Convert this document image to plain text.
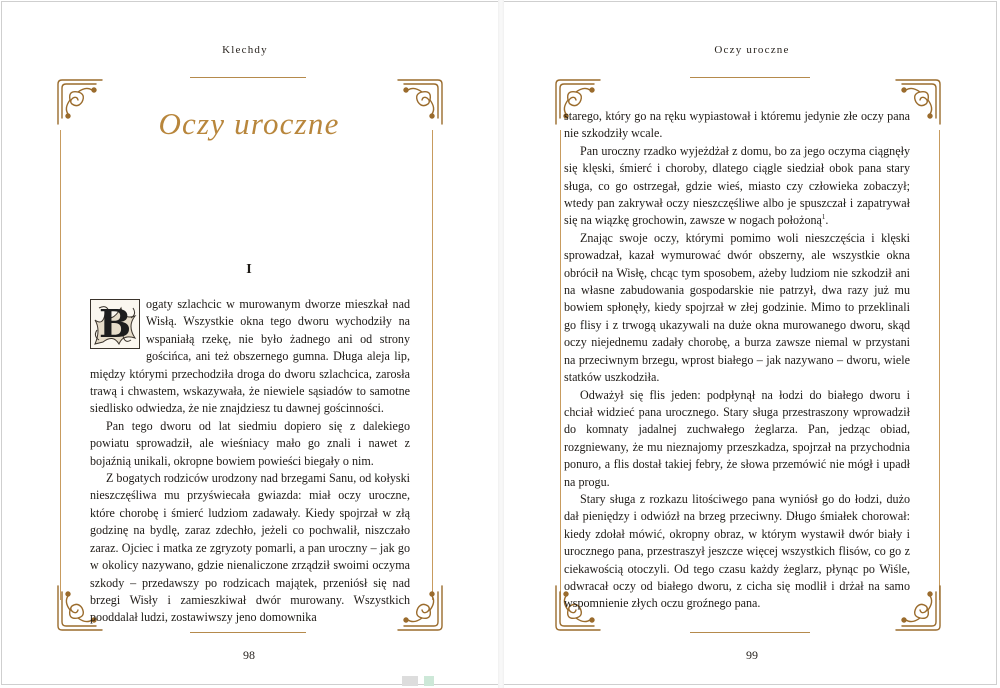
Klechdy
Oczy uroczne
I

B	ogaty szlachcic w murowanym dworze mieszkał nad Wisłą. Wszystkie okna tego dworu wychodziły na wspaniałą rzekę, nie było żadnego ani od strony gościńca, ani też obszernego gumna. Długa aleja lip, między którymi przechodziła droga do dworu szlachcica, zarosła trawą i chwastem, wskazywała, że niewiele sąsiadów to samotne siedlisko odwiedza, że nie znajdziesz tu dawnej gościnności.

Pan tego dworu od lat siedmiu dopiero się z dalekiego powiatu sprowadził, ale wieśniacy mało go znali i nawet z bojaźnią unikali, okropne bowiem powieści biegały o nim.

Z bogatych rodziców urodzony nad brzegami Sanu, od kołyski nieszczęśliwa mu przyświecała gwiazda: miał oczy uroczne, które chorobę i śmierć ludziom zadawały. Kiedy spojrzał w złą godzinę na bydlę, zaraz zdechło, jeżeli co pochwalił, niszczało zaraz. Ojciec i matka ze zgryzoty pomarli, a pan uroczny – jak go w okolicy nazywano, gdzie nienaliczone zrządził swoimi oczyma szkody – przedawszy po rodzicach majątek, przeniósł się nad brzegi Wisły i zamieszkiwał dwór murowany. Wszystkich pooddalał ludzi, zostawiwszy jeno domownika

98
Oczy uroczne

starego, który go na ręku wypiastował i któremu jedynie złe oczy pana nie szkodziły wcale.

Pan uroczny rzadko wyjeżdżał z domu, bo za jego oczyma ciągnęły się klęski, śmierć i choroby, dlatego ciągle siedział obok pana stary sługa, co go ostrzegał, gdzie wieś, miasto czy człowieka zobaczył; wtedy pan zakrywał oczy nieszczęśliwe albo je spuszczał i zapatrywał się na wiązkę grochowin, zawsze w nogach położoną$^1$.

Znając swoje oczy, którymi pomimo woli nieszczęścia i klęski sprowadzał, kazał wymurować dwór obszerny, ale wszystkie okna obrócił na Wisłę, chcąc tym sposobem, ażeby ludziom nie szkodził ani na własne zabudowania gospodarskie nie patrzył, dwa razy już mu bowiem spłonęły, kiedy spojrzał w złej godzinie. Mimo to przeklinali go flisy i z trwogą ukazywali na duże okna murowanego dworu, skąd oczy niejednemu zadały chorobę, a burza zawsze niemal w przystani na przeciwnym brzegu, wprost białego – jak nazywano – dworu, wiele statków uszkodziła.

Odważył się flis jeden: podpłynął na łodzi do białego dworu i chciał widzieć pana urocznego. Stary sługa przestraszony wprowadził do komnaty jadalnej zuchwałego żeglarza. Pan, jedząc obiad, rozgniewany, że mu nieznajomy przeszkadza, spojrzał na przychodnia ponuro, a flis dostał takiej febry, że słowa przemówić nie mógł i upadł na progu.

Stary sługa z rozkazu litościwego pana wyniósł go do łodzi, dużo dał pieniędzy i odwiózł na brzeg przeciwny. Długo śmiałek chorował: kiedy zdołał mówić, okropny obraz, w którym wystawił dwór biały i urocznego pana, przestraszył jeszcze więcej wszystkich flisów, co go z ciekawością otoczyli. Od tego czasu każdy żeglarz, płynąc po Wiśle, odwracał oczy od białego dworu, z cicha się modlił i drżał na samo wspomnienie złych oczu groźnego pana.

99
